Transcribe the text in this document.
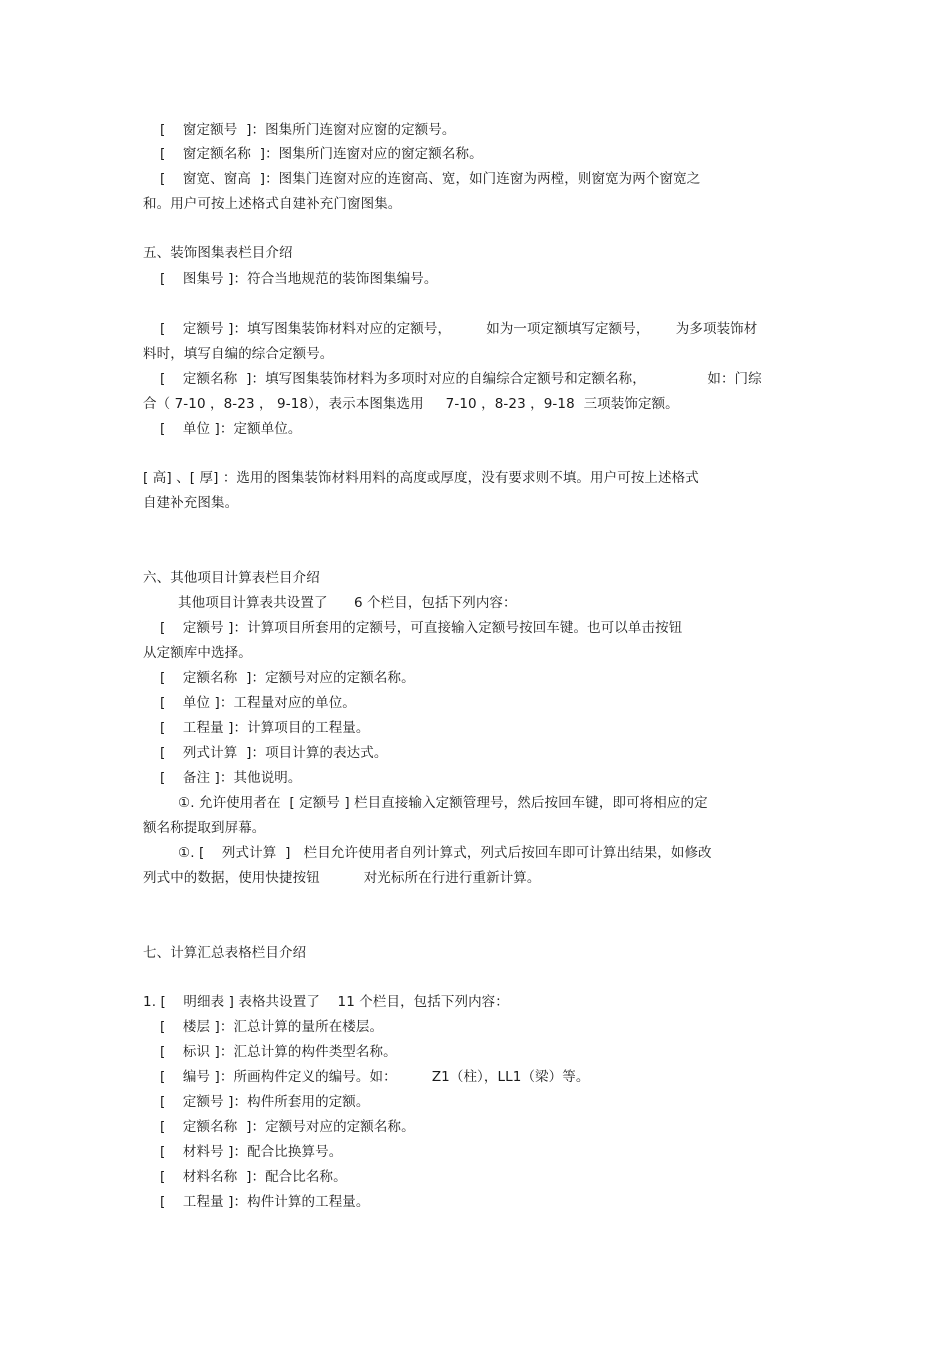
[    窗定额号  ]：图集所门连窗对应窗的定额号。
[    窗定额名称  ]：图集所门连窗对应的窗定额名称。
[    窗宽、窗高  ]：图集门连窗对应的连窗高、宽，如门连窗为两樘，则窗宽为两个窗宽之
和。用户可按上述格式自建补充门窗图集。
五、装饰图集表栏目介绍
[    图集号 ]：符合当地规范的装饰图集编号。
[    定额号 ]：填写图集装饰材料对应的定额号，        如为一项定额填写定额号，      为多项装饰材
料时，填写自编的综合定额号。
[    定额名称  ]：填写图集装饰材料为多项时对应的自编综合定额号和定额名称，              如：门综
合（ 7-10 ，8-23 ， 9-18），表示本图集选用     7-10 ，8-23 ，9-18  三项装饰定额。
[    单位 ]：定额单位。
[ 高] 、[ 厚] ：选用的图集装饰材料用料的高度或厚度，没有要求则不填。用户可按上述格式
自建补充图集。
六、其他项目计算表栏目介绍
其他项目计算表共设置了      6 个栏目，包括下列内容：
[    定额号 ]：计算项目所套用的定额号，可直接输入定额号按回车键。也可以单击按钮
从定额库中选择。
[    定额名称  ]：定额号对应的定额名称。
[    单位 ]：工程量对应的单位。
[    工程量 ]：计算项目的工程量。
[    列式计算  ]：项目计算的表达式。
[    备注 ]：其他说明。
①. 允许使用者在  [ 定额号 ] 栏目直接输入定额管理号，然后按回车键，即可将相应的定
额名称提取到屏幕。
①. [    列式计算  ]   栏目允许使用者自列计算式，列式后按回车即可计算出结果，如修改
列式中的数据，使用快捷按钮          对光标所在行进行重新计算。
七、计算汇总表格栏目介绍
1. [    明细表 ] 表格共设置了    11 个栏目，包括下列内容：
[    楼层 ]：汇总计算的量所在楼层。
[    标识 ]：汇总计算的构件类型名称。
[    编号 ]：所画构件定义的编号。如：        Z1（柱），LL1（梁）等。
[    定额号 ]：构件所套用的定额。
[    定额名称  ]：定额号对应的定额名称。
[    材料号 ]：配合比换算号。
[    材料名称  ]：配合比名称。
[    工程量 ]：构件计算的工程量。
